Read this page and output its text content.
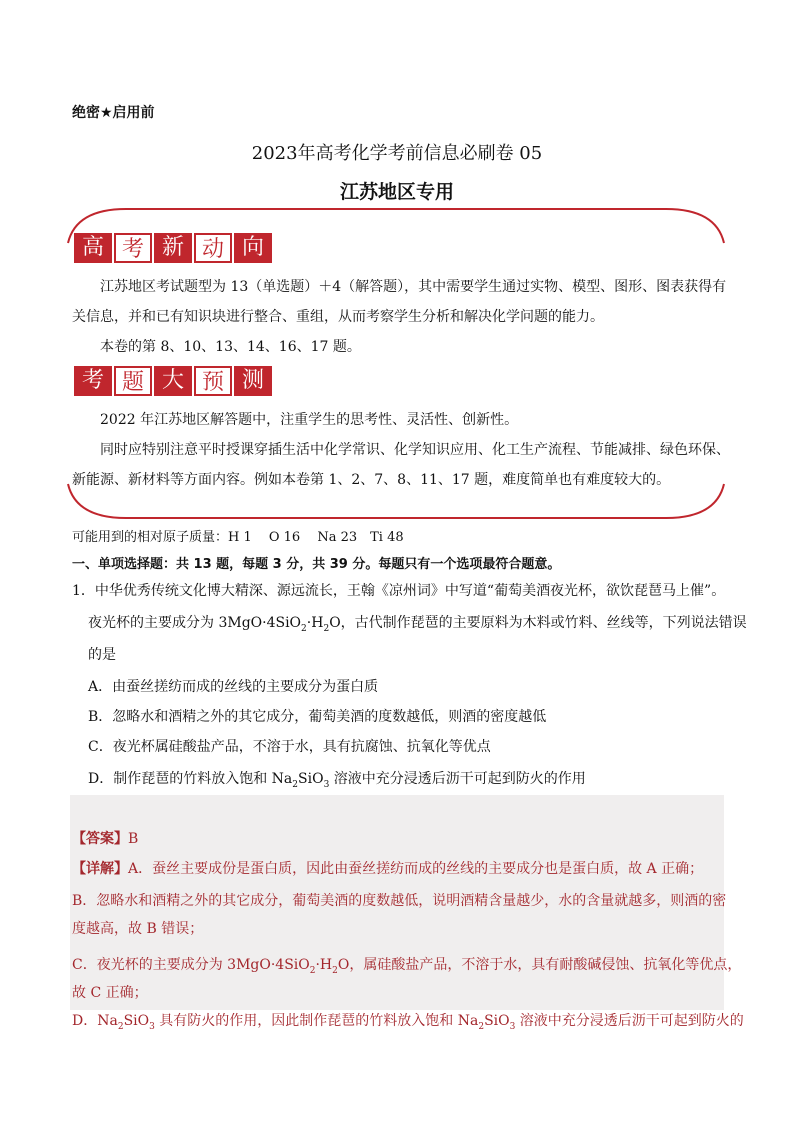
绝密★启用前
2023年高考化学考前信息必刷卷 05
江苏地区专用
高 考 新 动 向
江苏地区考试题型为 13（单选题）＋4（解答题），其中需要学生通过实物、模型、图形、图表获得有
关信息，并和已有知识块进行整合、重组，从而考察学生分析和解决化学问题的能力。
本卷的第 8、10、13、14、16、17 题。
考 题 大 预 测
2022 年江苏地区解答题中，注重学生的思考性、灵活性、创新性。
同时应特别注意平时授课穿插生活中化学常识、化学知识应用、化工生产流程、节能减排、绿色环保、
新能源、新材料等方面内容。例如本卷第 1、2、7、8、11、17 题，难度简单也有难度较大的。
可能用到的相对原子质量：H 1　 O 16　 Na 23　Ti 48
一、单项选择题：共 13 题，每题 3 分，共 39 分。每题只有一个选项最符合题意。
1．中华优秀传统文化博大精深、源远流长，王翰《凉州词》中写道“葡萄美酒夜光杯，欲饮琵琶马上催”。
夜光杯的主要成分为 $3MgO\cdot 4SiO_2\cdot H_2O$，古代制作琵琶的主要原料为木料或竹料、丝线等，下列说法错误
的是
A．由蚕丝搓纺而成的丝线的主要成分为蛋白质
B．忽略水和酒精之外的其它成分，葡萄美酒的度数越低，则酒的密度越低
C．夜光杯属硅酸盐产品，不溶于水，具有抗腐蚀、抗氧化等优点
D．制作琵琶的竹料放入饱和 $Na_2SiO_3$ 溶液中充分浸透后沥干可起到防火的作用
【答案】B
【详解】A．蚕丝主要成份是蛋白质，因此由蚕丝搓纺而成的丝线的主要成分也是蛋白质，故 A 正确；
B．忽略水和酒精之外的其它成分，葡萄美酒的度数越低，说明酒精含量越少，水的含量就越多，则酒的密
度越高，故 B 错误；
C．夜光杯的主要成分为 $3MgO\cdot 4SiO_2\cdot H_2O$，属硅酸盐产品，不溶于水，具有耐酸碱侵蚀、抗氧化等优点，
故 C 正确；
D．$Na_2SiO_3$ 具有防火的作用，因此制作琵琶的竹料放入饱和 $Na_2SiO_3$ 溶液中充分浸透后沥干可起到防火的
